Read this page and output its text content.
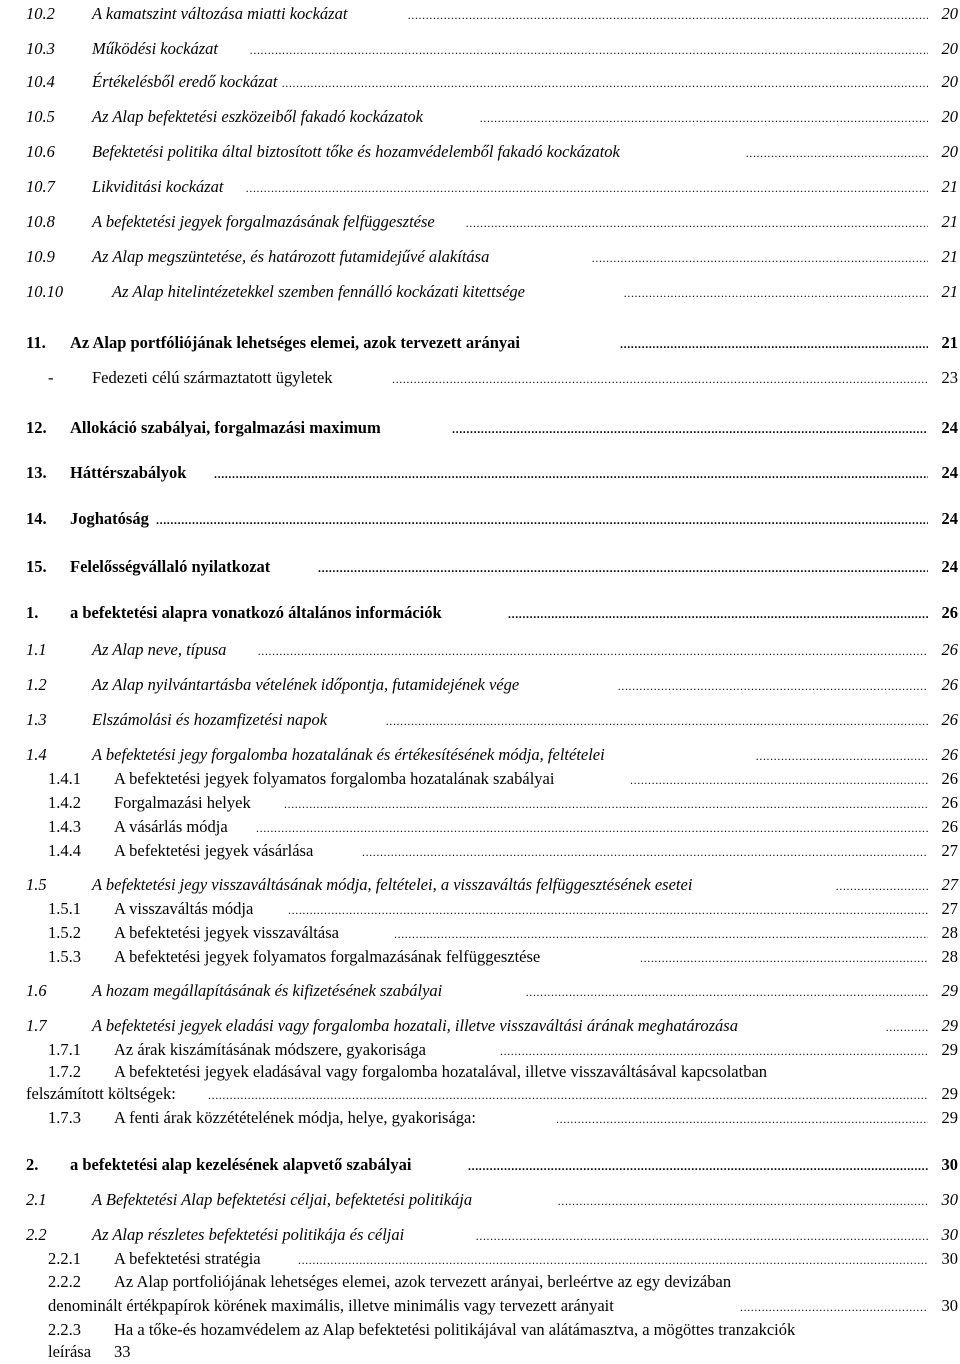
10.2 A kamatszint változása miatti kockázat . . .	20
10.3 Működési kockázat . . .	20
10.4 Értékelésből eredő kockázat . . .	20
10.5 Az Alap befektetési eszközeiből fakadó kockázatok . . .	20
10.6 Befektetési politika által biztosított tőke és hozamvédelemből fakadó kockázatok . . .	20
10.7 Likviditási kockázat . . .	21
10.8 A befektetési jegyek forgalmazásának felfüggesztése . . .	21
10.9 Az Alap megszüntetése, és határozott futamidejűvé alakítása . . .	21
10.10	Az Alap hitelintézetekkel szemben fennálló kockázati kitettsége . . .	21
11. Az Alap portfóliójának lehetséges elemei, azok tervezett arányai . . .	21
- Fedezeti célú származtatott ügyletek . . .	23
12. Allokáció szabályai, forgalmazási maximum . . .	24
13. Háttérszabályok . . .	24
14. Joghatóság . . .	24
15. Felelősségvállaló nyilatkozat . . .	24
1. a befektetési alapra vonatkozó általános információk . . .	26
1.1	Az Alap neve, típusa . . .	26
1.2	Az Alap nyilvántartásba vételének időpontja, futamidejének vége . . .	26
1.3	Elszámolási és hozamfizetési napok . . .	26
1.4	A befektetési jegy forgalomba hozatalának és értékesítésének módja, feltételei . . .	26
1.4.1 A befektetési jegyek folyamatos forgalomba hozatalának szabályai . . .	26
1.4.2 Forgalmazási helyek . . .	26
1.4.3 A vásárlás módja . . .	26
1.4.4 A befektetési jegyek vásárlása . . .	27
1.5	A befektetési jegy visszaváltásának módja, feltételei, a visszaváltás felfüggesztésének esetei . . .	27
1.5.1 A visszaváltás módja . . .	27
1.5.2 A befektetési jegyek visszaváltása . . .	28
1.5.3 A befektetési jegyek folyamatos forgalmazásának felfüggesztése . . .	28
1.6	A hozam megállapításának és kifizetésének szabályai . . .	29
1.7	A befektetési jegyek eladási vagy forgalomba hozatali, illetve visszaváltási árának meghatározása . . .	29
1.7.1 Az árak kiszámításának módszere, gyakorisága . . .	29
1.7.2 A befektetési jegyek eladásával vagy forgalomba hozatalával, illetve visszaváltásával kapcsolatban
felszámított költségek: . . .	29
1.7.3 A fenti árak közzétételének módja, helye, gyakorisága: . . .	29
2. a befektetési alap kezelésének alapvető szabályai . . .	30
2.1	A Befektetési Alap befektetési céljai, befektetési politikája . . .	30
2.2	Az Alap részletes befektetési politikája és céljai . . .	30
2.2.1 A befektetési stratégia . . .	30
2.2.2 Az Alap portfoliójának lehetséges elemei, azok tervezett arányai, berleértve az egy devizában
denominált értékpapírok körének maximális, illetve minimális vagy tervezett arányait . . .	30
2.2.3 Ha a tőke-és hozamvédelem az Alap befektetési politikájával van alátámasztva, a mögöttes tranzakciók
leírása 33
